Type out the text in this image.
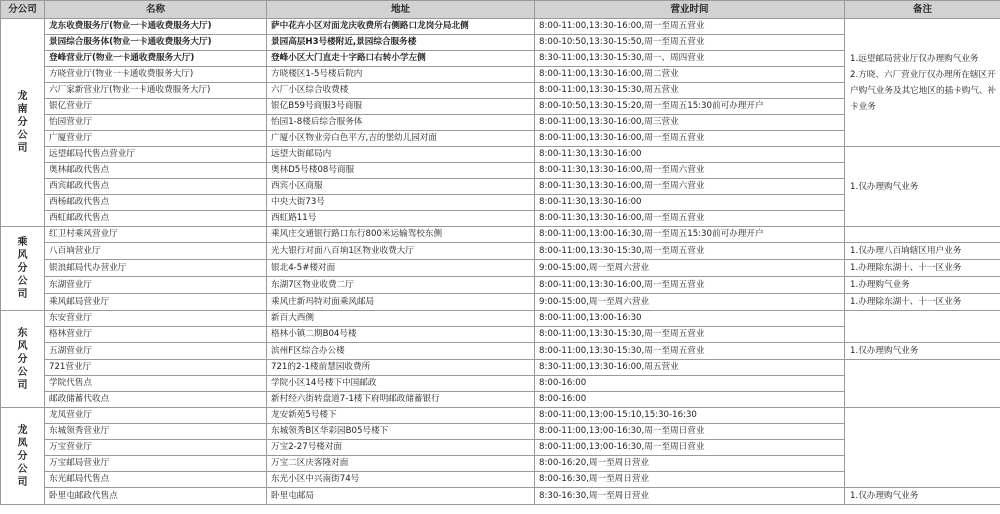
分公司	名称	地址	营业时间	备注
龙南分公司	龙东收费服务厅(物业一卡通收费服务大厅)	萨中花卉小区对面龙庆收费所右侧路口龙岗分局北侧	8:00-11:00,13:30-16:00,周一至周五营业	1.远望邮局营业厅仅办理购气业务
2.方晓、六厂营业厅仅办理所在辖区开户购气业务及其它地区的插卡购气、补卡业务
	景园综合服务体(物业一卡通收费服务大厅)	景园高层H3号楼附近,景园综合服务楼	8:00-10:50,13:30-15:50,周一至周五营业	
	登峰营业厅(物业一卡通收费服务大厅)	登峰小区大门直走十字路口右转小学左侧	8:30-11:00,13:30-15:30,周一、周四营业	
	方晓营业厅(物业一卡通收费服务大厅)	方晓楼区1-5号楼后院内	8:00-11:00,13:30-16:00,周二营业	
	六厂家新营业厅(物业一卡通收费服务大厅)	六厂小区综合收费楼	8:00-11:00,13:30-15:30,周五营业	
	银亿营业厅	银亿B59号商服3号商服	8:00-10:50,13:30-15:20,周一至周五15:30前可办理开户	
	怡园营业厅	怡园1-8楼后综合服务体	8:00-11:00,13:30-16:00,周三营业	
	广厦营业厅	广厦小区物业旁白色平方,吉的堡幼儿园对面	8:00-11:00,13:30-16:00,周一至周五营业	
	远望邮局代售点营业厅	远望大街邮局内	8:00-11:30,13:30-16:00	1.仅办理购气业务
	奥林邮政代售点	奥林D5号楼08号商服	8:00-11:30,13:30-16:00,周一至周六营业	
	西宾邮政代售点	西宾小区商服	8:00-11:30,13:30-16:00,周一至周六营业	
	西杨邮政代售点	中央大街73号	8:00-11:30,13:30-16:00	
	西虹邮政代售点	西虹路11号	8:00-11:30,13:30-16:00,周一至周五营业	
乘风分公司	红卫村乘风营业厅	乘风庄交通银行路口东行800米运输驾校东侧	8:00-11:00,13:00-16:30,周一至周五15:30前可办理开户	
	八百垧营业厅	光大银行对面八百垧1区物业收费大厅	8:00-11:00,13:30-15:30,周一至周五营业	1.仅办理八百垧辖区用户业务
	银浪邮局代办营业厅	银北4-5#楼对面	9:00-15:00,周一至周六营业	1.办理除东湖十、十一区业务
	东湖营业厅	东湖7区物业收费二厅	8:00-11:00,13:30-16:00,周一至周五营业	1.办理购气业务
	乘风邮局营业厅	乘风庄新玛特对面乘风邮局	9:00-15:00,周一至周六营业	1.办理除东湖十、十一区业务
东风分公司	东安营业厅	新百大西侧	8:00-11:00,13:00-16:30	
	格林营业厅	格林小镇二期B04号楼	8:00-11:00,13:30-15:30,周一至周五营业	
	五湖营业厅	滨州F区综合办公楼	8:00-11:00,13:30-15:30,周一至周五营业	1.仅办理购气业务
	721营业厅	721的2-1楼前慧园收费所	8:30-11:00,13:30-16:00,周五营业	
	学院代售点	学院小区14号楼下中国邮政	8:00-16:00	
	邮政储蓄代收点	新村经六街转盘道7-1楼下府明邮政储蓄银行	8:00-16:00	
龙凤分公司	龙凤营业厅	龙安新苑5号楼下	8:00-11:00,13:00-15:10,15:30-16:30	
	东城领秀营业厅	东城领秀B区华彩园B05号楼下	8:00-11:00,13:00-16:30,周一至周日营业	
	万宝营业厅	万宝2-27号楼对面	8:00-11:00,13:00-16:30,周一至周日营业	
	万宝邮局营业厅	万宝二区庆客隆对面	8:00-16:20,周一至周日营业	
	东光邮局代售点	东光小区中兴南街74号	8:00-16:30,周一至周日营业	
	卧里屯邮政代售点	卧里屯邮局	8:30-16:30,周一至周日营业	1.仅办理购气业务
